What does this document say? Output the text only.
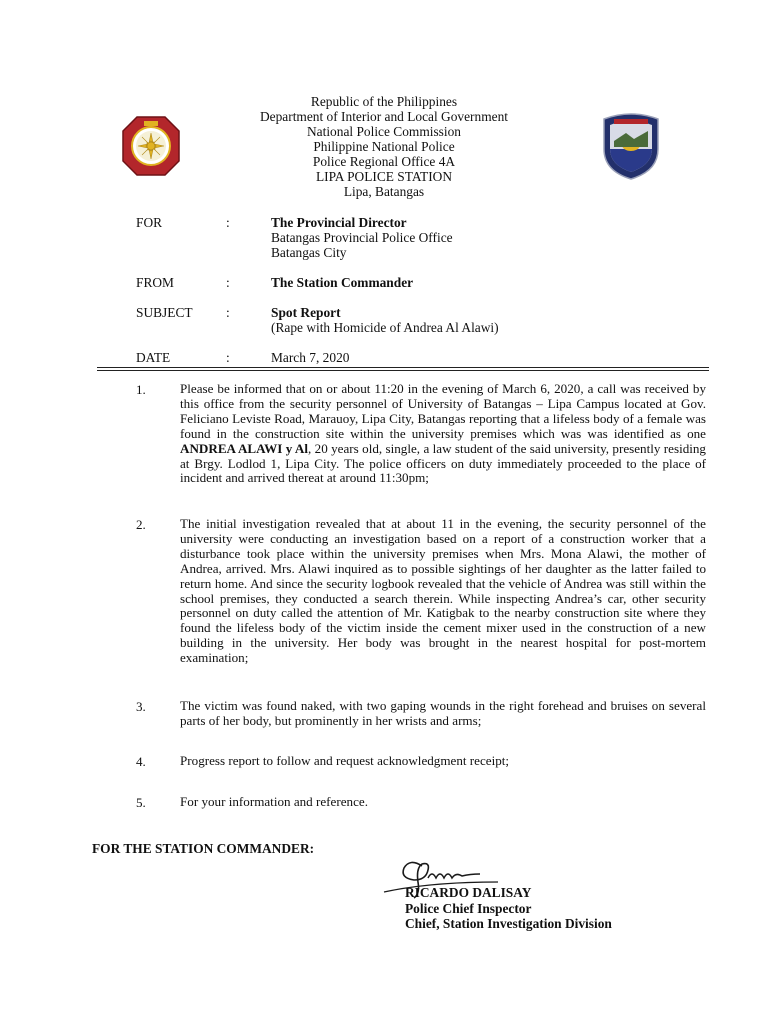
Republic of the Philippines
Department of Interior and Local Government
National Police Commission
Philippine National Police
Police Regional Office 4A
LIPA POLICE STATION
Lipa, Batangas
FOR	:	The Provincial Director
Batangas Provincial Police Office
Batangas City
FROM	:	The Station Commander
SUBJECT :	Spot Report
(Rape with Homicide of Andrea Al Alawi)
DATE	:	March 7, 2020
1.	Please be informed that on or about 11:20 in the evening of March 6, 2020, a call was received by this office from the security personnel of University of Batangas – Lipa Campus located at Gov. Feliciano Leviste Road, Marauoy, Lipa City, Batangas reporting that a lifeless body of a female was found in the construction site within the university premises which was was identified as one ANDREA ALAWI y Al, 20 years old, single, a law student of the said university, presently residing at Brgy. Lodlod 1, Lipa City. The police officers on duty immediately proceeded to the place of incident and arrived thereat at around 11:30pm;
2.	The initial investigation revealed that at about 11 in the evening, the security personnel of the university were conducting an investigation based on a report of a construction worker that a disturbance took place within the university premises when Mrs. Mona Alawi, the mother of Andrea, arrived. Mrs. Alawi inquired as to possible sightings of her daughter as the latter failed to return home. And since the security logbook revealed that the vehicle of Andrea was still within the school premises, they conducted a search therein. While inspecting Andrea’s car, other security personnel on duty called the attention of Mr. Katigbak to the nearby construction site where they found the lifeless body of the victim inside the cement mixer used in the construction of a new building in the university. Her body was brought in the nearest hospital for post-mortem examination;
3.	The victim was found naked, with two gaping wounds in the right forehead and bruises on several parts of her body, but prominently in her wrists and arms;
4.	Progress report to follow and request acknowledgment receipt;
5.	For your information and reference.
FOR THE STATION COMMANDER:
RICARDO DALISAY
Police Chief Inspector
Chief, Station Investigation Division
